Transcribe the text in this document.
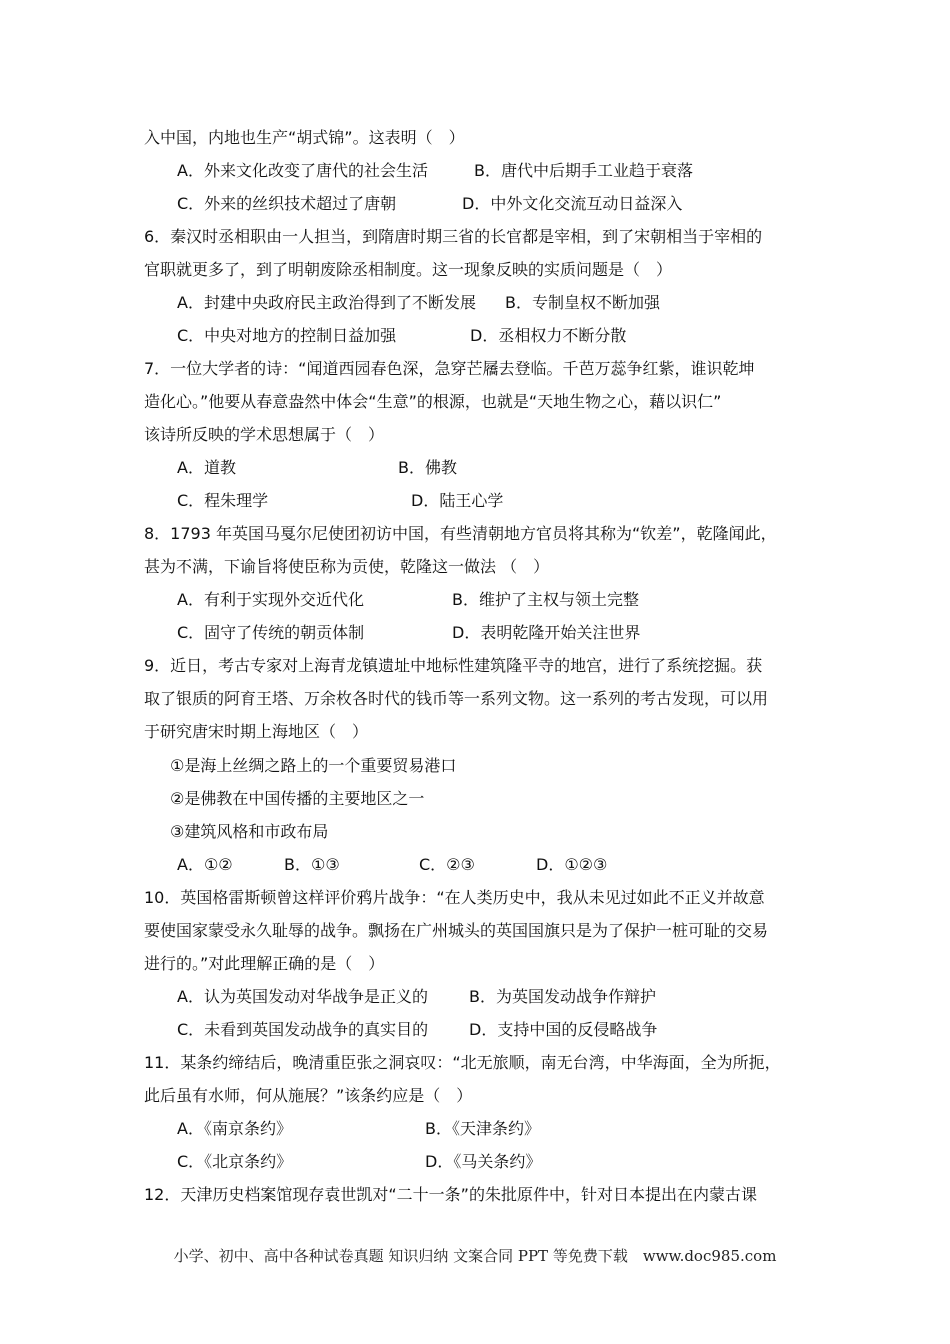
入中国，内地也生产“胡式锦”。这表明（　）
A．外来文化改变了唐代的社会生活	B．唐代中后期手工业趋于衰落
C．外来的丝织技术超过了唐朝	D．中外文化交流互动日益深入
6．秦汉时丞相职由一人担当，到隋唐时期三省的长官都是宰相，到了宋朝相当于宰相的
官职就更多了，到了明朝废除丞相制度。这一现象反映的实质问题是（　）
A．封建中央政府民主政治得到了不断发展 B．专制皇权不断加强
C．中央对地方的控制日益加强	D．丞相权力不断分散
7．一位大学者的诗：“闻道西园春色深，急穿芒屩去登临。千芭万蕊争红紫，谁识乾坤
造化心。”他要从春意盎然中体会“生意”的根源，也就是“天地生物之心，藉以识仁”
该诗所反映的学术思想属于（　）
A．道教	B．佛教
C．程朱理学	D．陆王心学
8．1793 年英国马戛尔尼使团初访中国，有些清朝地方官员将其称为“钦差”，乾隆闻此，
甚为不满，下谕旨将使臣称为贡使，乾隆这一做法 （　）
A．有利于实现外交近代化	B．维护了主权与领土完整
C．固守了传统的朝贡体制	D．表明乾隆开始关注世界
9．近日，考古专家对上海青龙镇遗址中地标性建筑隆平寺的地宫，进行了系统挖掘。获
取了银质的阿育王塔、万余枚各时代的钱币等一系列文物。这一系列的考古发现，可以用
于研究唐宋时期上海地区（　）
①是海上丝绸之路上的一个重要贸易港口
②是佛教在中国传播的主要地区之一
③建筑风格和市政布局
A．①②	B．①③	C．②③	D．①②③
10．英国格雷斯顿曾这样评价鸦片战争：“在人类历史中，我从未见过如此不正义并故意
要使国家蒙受永久耻辱的战争。飘扬在广州城头的英国国旗只是为了保护一桩可耻的交易
进行的。”对此理解正确的是（　）
A．认为英国发动对华战争是正义的	B．为英国发动战争作辩护
C．未看到英国发动战争的真实目的	D．支持中国的反侵略战争
11．某条约缔结后，晚清重臣张之洞哀叹：“北无旅顺，南无台湾，中华海面，全为所扼，
此后虽有水师，何从施展？”该条约应是（　）
A．《南京条约》	B．《天津条约》
C．《北京条约》	D．《马关条约》
12．天津历史档案馆现存袁世凯对“二十一条”的朱批原件中，针对日本提出在内蒙古课
小学、初中、高中各种试卷真题 知识归纳 文案合同 PPT 等免费下载　www.doc985.com
